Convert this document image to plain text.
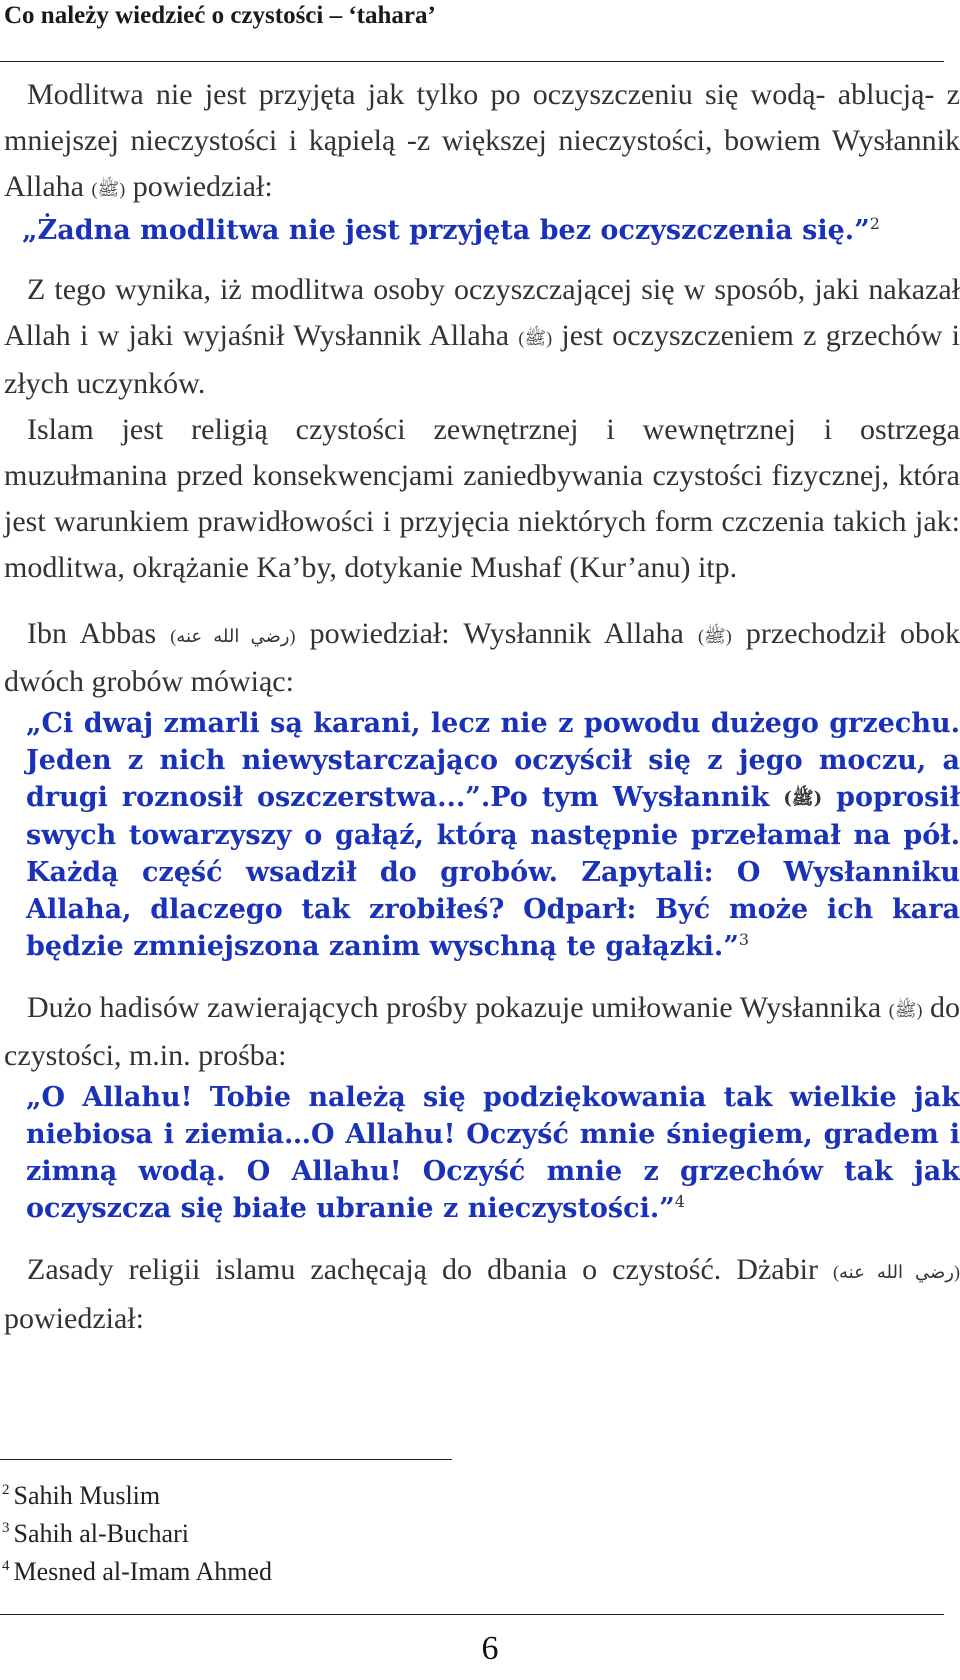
Co należy wiedzieć o czystości – ‘tahara’

Modlitwa nie jest przyjęta jak tylko po oczyszczeniu się wodą- ablucją- z mniejszej nieczystości i kąpielą -z większej nieczystości, bowiem Wysłannik Allaha (ﷺ) powiedział:

„Żadna modlitwa nie jest przyjęta bez oczyszczenia się.”$^2$

Z tego wynika, iż modlitwa osoby oczyszczającej się w sposób, jaki nakazał Allah i w jaki wyjaśnił Wysłannik Allaha (ﷺ) jest oczyszczeniem z grzechów i złych uczynków.

Islam jest religią czystości zewnętrznej i wewnętrznej i ostrzega muzułmanina przed konsekwencjami zaniedbywania czystości fizycznej, która jest warunkiem prawidłowości i przyjęcia niektórych form czczenia takich jak: modlitwa, okrążanie Ka’by, dotykanie Mushaf (Kur’anu) itp.

Ibn Abbas (رضي الله عنه) powiedział: Wysłannik Allaha (ﷺ) przechodził obok dwóch grobów mówiąc:

„Ci dwaj zmarli są karani, lecz nie z powodu dużego grzechu. Jeden z nich niewystarczająco oczyścił się z jego moczu, a drugi roznosił oszczerstwa...”.Po tym Wysłannik (ﷺ) poprosił swych towarzyszy o gałąź, którą następnie przełamał na pół. Każdą część wsadził do grobów. Zapytali: O Wysłanniku Allaha, dlaczego tak zrobiłeś? Odparł: Być może ich kara będzie zmniejszona zanim wyschną te gałązki.”$^3$

Dużo hadisów zawierających prośby pokazuje umiłowanie Wysłannika (ﷺ) do czystości, m.in. prośba:

„O Allahu! Tobie należą się podziękowania tak wielkie jak niebiosa i ziemia…O Allahu! Oczyść mnie śniegiem, gradem i zimną wodą. O Allahu! Oczyść mnie z grzechów tak jak oczyszcza się białe ubranie z nieczystości.”$^4$

Zasady religii islamu zachęcają do dbania o czystość. Dżabir (رضي الله عنه) powiedział:

$^2$ Sahih Muslim
$^3$ Sahih al-Buchari
$^4$ Mesned al-Imam Ahmed
6
